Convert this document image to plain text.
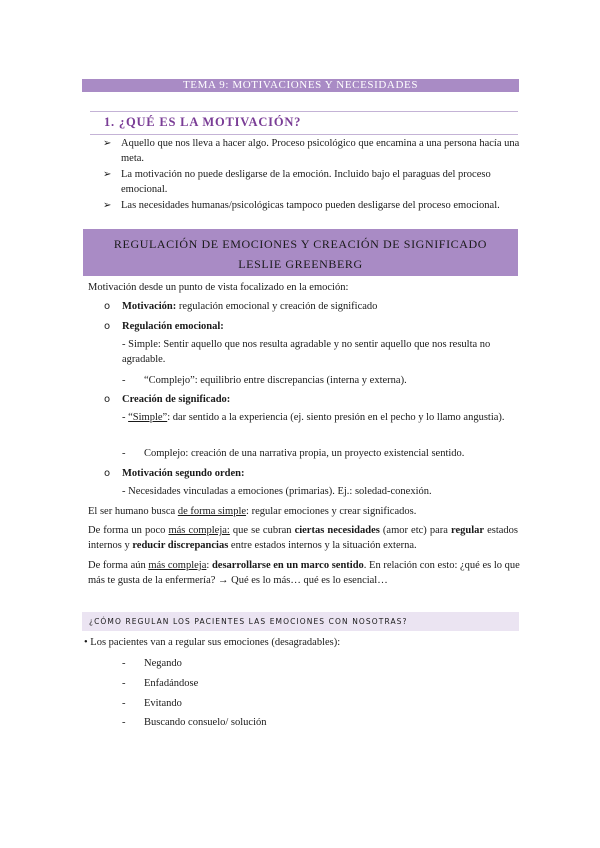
TEMA 9: MOTIVACIONES Y NECESIDADES
1. ¿QUÉ ES LA MOTIVACIÓN?
➢ Aquello que nos lleva a hacer algo. Proceso psicológico que encamina a una persona hacía una meta.
➢ La motivación no puede desligarse de la emoción. Incluido bajo el paraguas del proceso emocional.
➢ Las necesidades humanas/psicológicas tampoco pueden desligarse del proceso emocional.
REGULACIÓN DE EMOCIONES Y CREACIÓN DE SIGNIFICADO
LESLIE GREENBERG
Motivación desde un punto de vista focalizado en la emoción:
o Motivación: regulación emocional y creación de significado
o Regulación emocional:
- Simple: Sentir aquello que nos resulta agradable y no sentir aquello que nos resulta no agradable.
- “Complejo”: equilibrio entre discrepancias (interna y externa).
o Creación de significado:
- “Simple”: dar sentido a la experiencia (ej. siento presión en el pecho y lo llamo angustia).
- Complejo: creación de una narrativa propia, un proyecto existencial sentido.
o Motivación segundo orden:
- Necesidades vinculadas a emociones (primarias). Ej.: soledad-conexión.
El ser humano busca de forma simple: regular emociones y crear significados.
De forma un poco más compleja: que se cubran ciertas necesidades (amor etc) para regular estados internos y reducir discrepancias entre estados internos y la situación externa.
De forma aún más compleja: desarrollarse en un marco sentido. En relación con esto: ¿qué es lo que más te gusta de la enfermería? → Qué es lo más… qué es lo esencial…
¿CÓMO REGULAN LOS PACIENTES LAS EMOCIONES CON NOSOTRAS?
• Los pacientes van a regular sus emociones (desagradables):
- Negando
- Enfadándose
- Evitando
- Buscando consuelo/ solución
